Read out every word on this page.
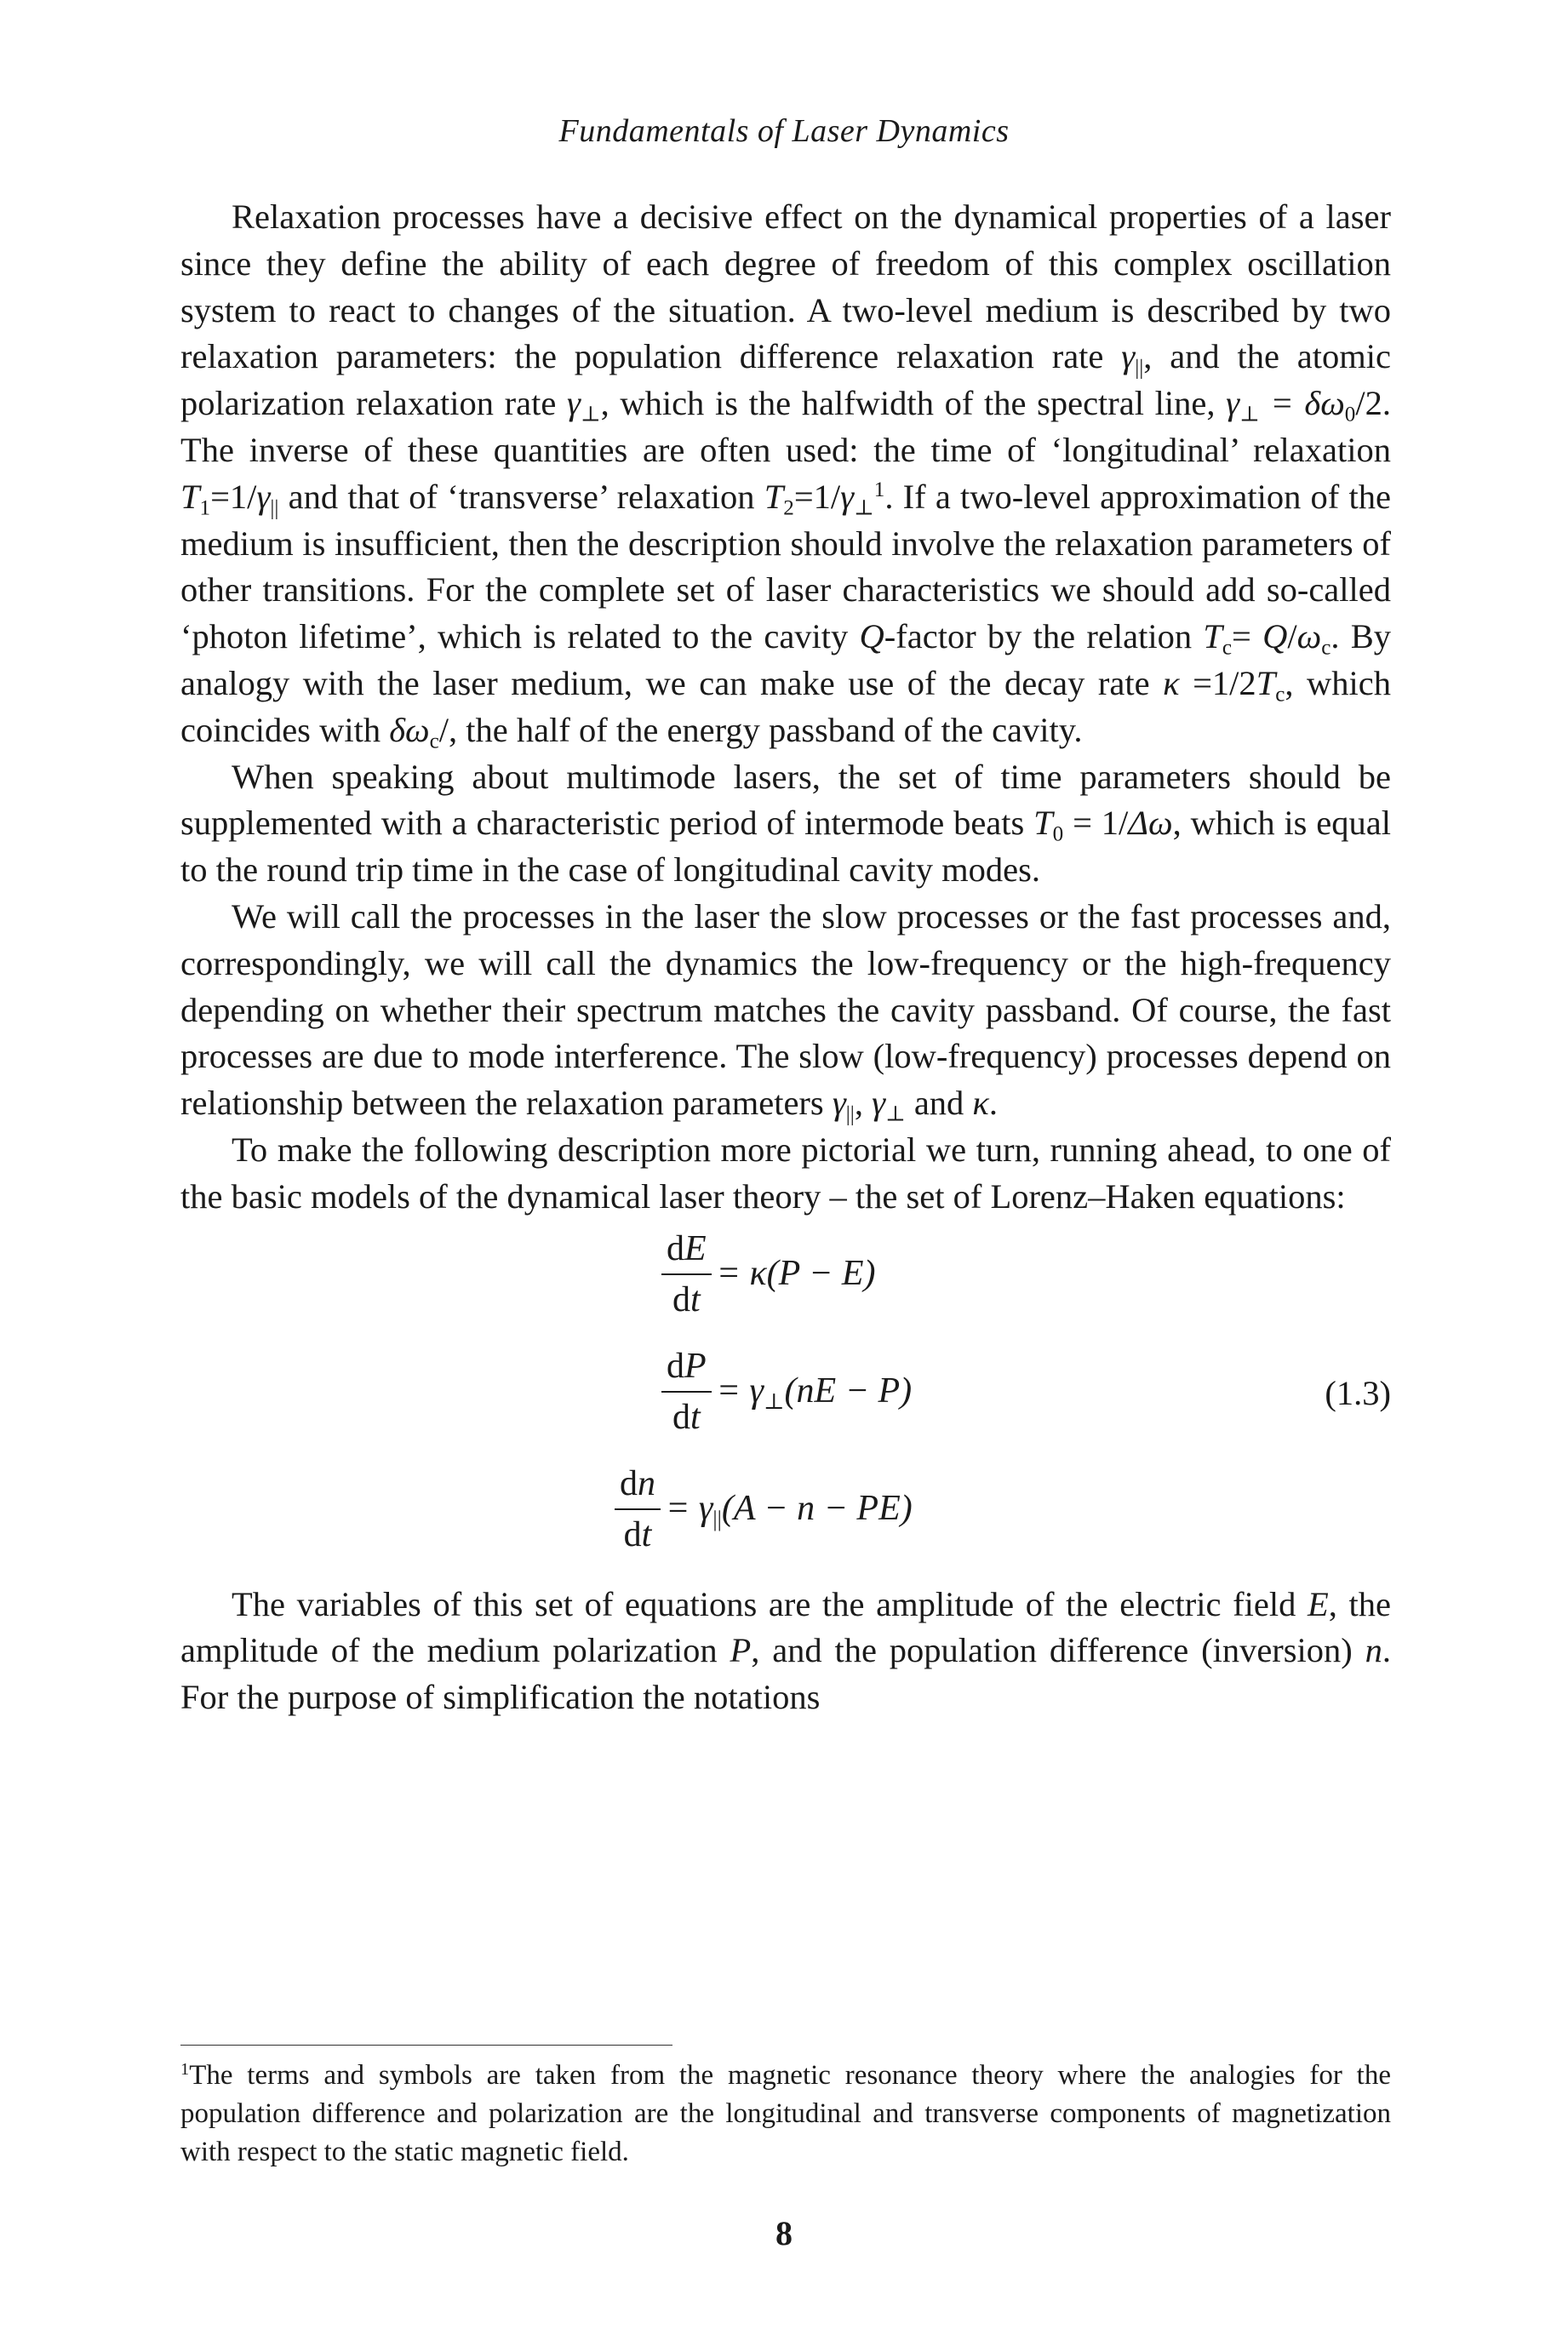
Fundamentals of Laser Dynamics

Relaxation processes have a decisive effect on the dynamical properties of a laser since they define the ability of each degree of freedom of this complex oscillation system to react to changes of the situation. A two-level medium is described by two relaxation parameters: the population difference relaxation rate $\gamma_{||}$, and the atomic polarization relaxation rate $\gamma_\perp$, which is the halfwidth of the spectral line, $\gamma_\perp = \delta\omega_0/2$. The inverse of these quantities are often used: the time of ‘longitudinal’ relaxation $T_1=1/\gamma_{||}$ and that of ‘transverse’ relaxation $T_2=1/\gamma_\perp^1$. If a two-level approximation of the medium is insufficient, then the description should involve the relaxation parameters of other transitions. For the complete set of laser characteristics we should add so-called ‘photon lifetime’, which is related to the cavity Q-factor by the relation $T_c= Q/\omega_c$. By analogy with the laser medium, we can make use of the decay rate $\kappa =1/2T_c$, which coincides with $\delta\omega_c/$, the half of the energy passband of the cavity.

When speaking about multimode lasers, the set of time parameters should be supplemented with a characteristic period of intermode beats $T_0 = 1/\Delta\omega$, which is equal to the round trip time in the case of longitudinal cavity modes.

We will call the processes in the laser the slow processes or the fast processes and, correspondingly, we will call the dynamics the low-frequency or the high-frequency depending on whether their spectrum matches the cavity passband. Of course, the fast processes are due to mode interference. The slow (low-frequency) processes depend on relationship between the relaxation parameters $\gamma_{||}$, $\gamma_\perp$ and κ.

To make the following description more pictorial we turn, running ahead, to one of the basic models of the dynamical laser theory – the set of Lorenz–Haken equations:

$\frac{dE}{dt} = \kappa(P - E)$
$\frac{dP}{dt} = \gamma_\perp(nE - P)$
$\frac{dn}{dt} = \gamma_{||}(A - n - PE)$
(1.3)

The variables of this set of equations are the amplitude of the electric field E, the amplitude of the medium polarization P, and the population difference (inversion) n. For the purpose of simplification the notations

$^1$The terms and symbols are taken from the magnetic resonance theory where the analogies for the population difference and polarization are the longitudinal and transverse components of magnetization with respect to the static magnetic field.

8
